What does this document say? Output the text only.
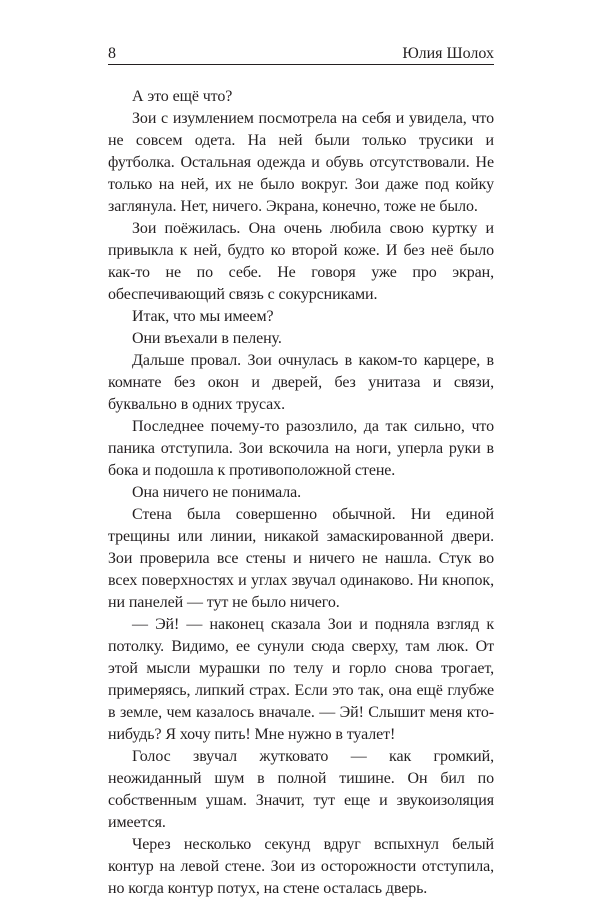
8	Юлия Шолох

А это ещё что?

Зои с изумлением посмотрела на себя и увидела, что не совсем одета. На ней были только трусики и футболка. Остальная одежда и обувь отсутствовали. Не только на ней, их не было вокруг. Зои даже под койку заглянула. Нет, ничего. Экрана, конечно, тоже не было.

Зои поёжилась. Она очень любила свою куртку и привыкла к ней, будто ко второй коже. И без неё было как-то не по себе. Не говоря уже про экран, обеспечивающий связь с сокурсниками.

Итак, что мы имеем?

Они въехали в пелену.

Дальше провал. Зои очнулась в каком-то карцере, в комнате без окон и дверей, без унитаза и связи, буквально в одних трусах.

Последнее почему-то разозлило, да так сильно, что паника отступила. Зои вскочила на ноги, уперла руки в бока и подошла к противоположной стене.

Она ничего не понимала.

Стена была совершенно обычной. Ни единой трещины или линии, никакой замаскированной двери. Зои проверила все стены и ничего не нашла. Стук во всех поверхностях и углах звучал одинаково. Ни кнопок, ни панелей — тут не было ничего.

— Эй! — наконец сказала Зои и подняла взгляд к потолку. Видимо, ее сунули сюда сверху, там люк. От этой мысли мурашки по телу и горло снова трогает, примеряясь, липкий страх. Если это так, она ещё глубже в земле, чем казалось вначале. — Эй! Слышит меня кто-нибудь? Я хочу пить! Мне нужно в туалет!

Голос звучал жутковато — как громкий, неожиданный шум в полной тишине. Он бил по собственным ушам. Значит, тут еще и звукоизоляция имеется.

Через несколько секунд вдруг вспыхнул белый контур на левой стене. Зои из осторожности отступила, но когда контур потух, на стене осталась дверь.
